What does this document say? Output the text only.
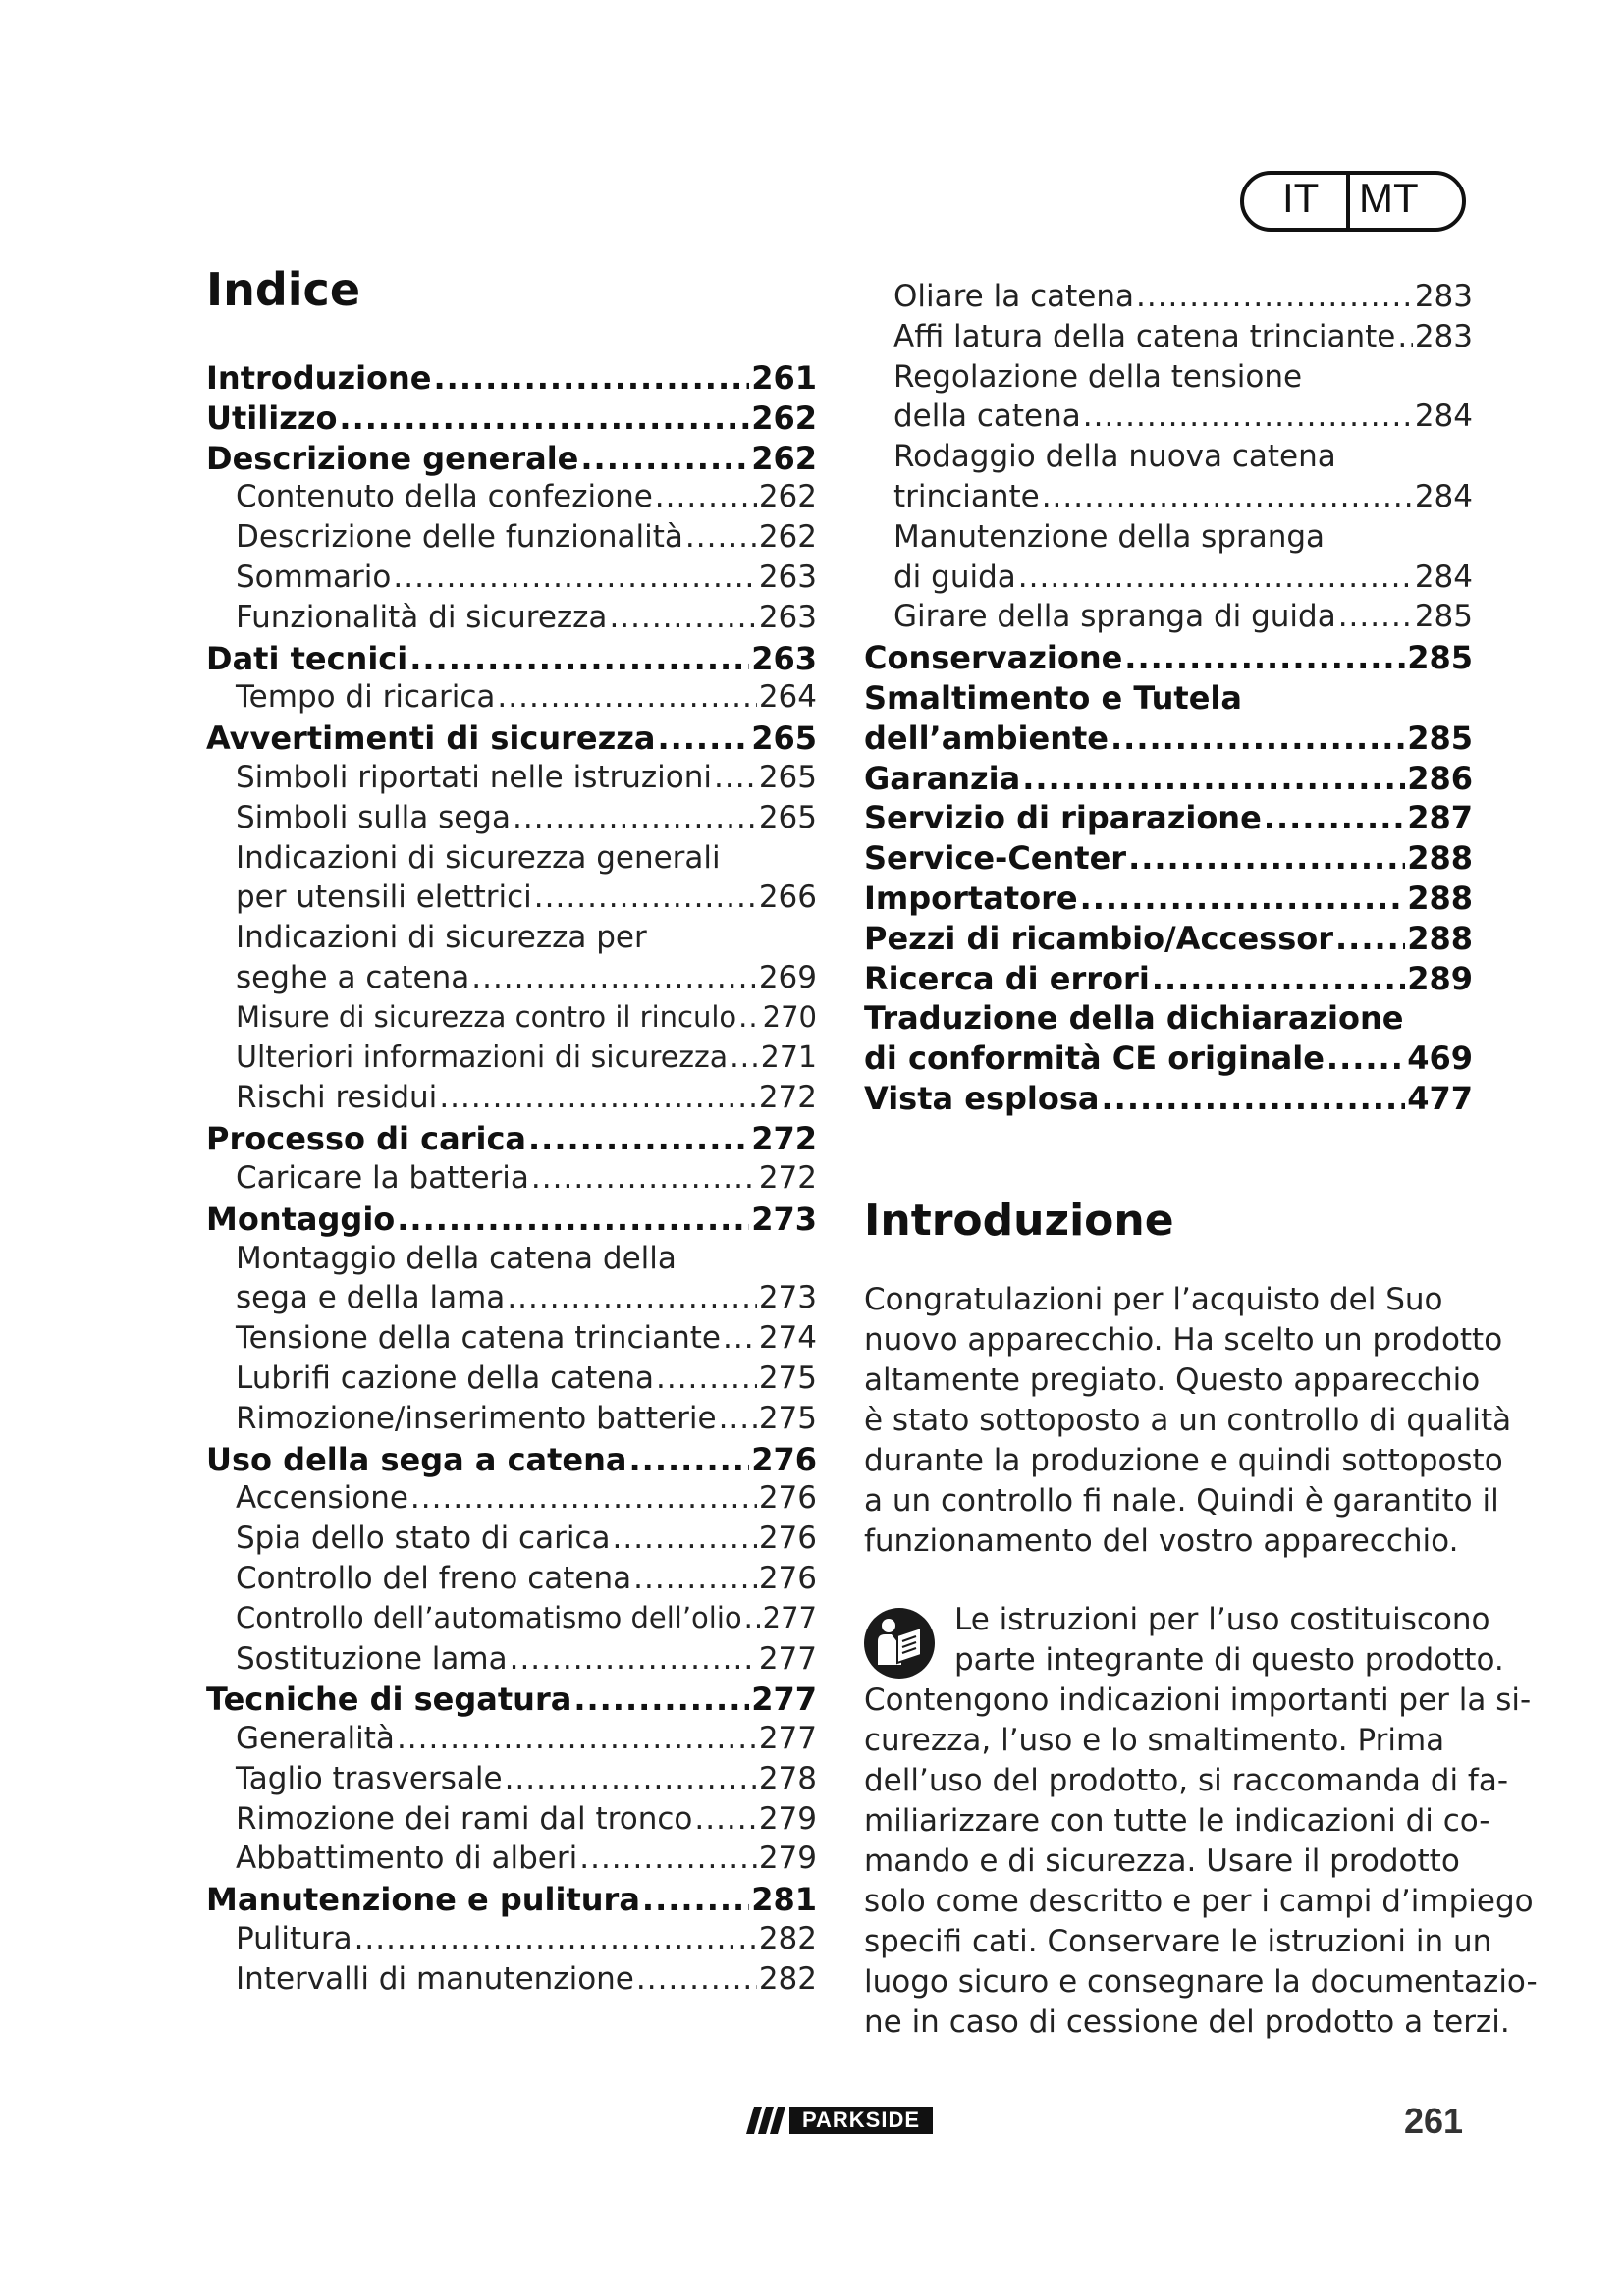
IT MT
Indice
Introduzione .....	261
Utilizzo .....	262
Descrizione generale .....	262
Contenuto della confezione .....	262
Descrizione delle funzionalità ..... 262
Sommario .....	263
Funzionalità di sicurezza .....	263
Dati tecnici .....	263
Tempo di ricarica .....	264
Avvertimenti di sicurezza .....	265
Simboli riportati nelle istruzioni ..... 265
Simboli sulla sega .....	265
Indicazioni di sicurezza generali
per utensili elettrici .....	266
Indicazioni di sicurezza per
seghe a catena .....	269
Misure di sicurezza contro il rinculo ..... 270
Ulteriori informazioni di sicurezza ..... 271
Rischi residui .....	272
Processo di carica .....	272
Caricare la batteria .....	272
Montaggio .....	273
Montaggio della catena della
sega e della lama .....	273
Tensione della catena trinciante ..... 274
Lubrifi cazione della catena .....	275
Rimozione/inserimento batterie ..... 275
Uso della sega a catena .....	276
Accensione .....	276
Spia dello stato di carica .....	276
Controllo del freno catena .....	276
Controllo dell’automatismo dell’olio ..... 277
Sostituzione lama .....	277
Tecniche di segatura .....	277
Generalità .....	277
Taglio trasversale .....	278
Rimozione dei rami dal tronco ..... 279
Abbattimento di alberi .....	279
Manutenzione e pulitura .....	281
Pulitura .....	282
Intervalli di manutenzione .....	282
Oliare la catena .....	283
Affi latura della catena trinciante ..... 283
Regolazione della tensione
della catena .....	284
Rodaggio della nuova catena
trinciante .....	284
Manutenzione della spranga
di guida .....	284
Girare della spranga di guida .....	285
Conservazione .....	285
Smaltimento e Tutela
dell’ambiente .....	285
Garanzia .....	286
Servizio di riparazione .....	287
Service-Center .....	288
Importatore .....	288
Pezzi di ricambio/Accessor ..... 288
Ricerca di errori .....	289
Traduzione della dichiarazione
di conformità CE originale .....	469
Vista esplosa .....	477
Introduzione
Congratulazioni per l’acquisto del Suo
nuovo apparecchio. Ha scelto un prodotto
altamente pregiato. Questo apparecchio
è stato sottoposto a un controllo di qualità
durante la produzione e quindi sottoposto
a un controllo fi nale. Quindi è garantito il
funzionamento del vostro apparecchio.
Le istruzioni per l’uso costituiscono
parte integrante di questo prodotto.
Contengono indicazioni importanti per la si-
curezza, l’uso e lo smaltimento. Prima
dell’uso del prodotto, si raccomanda di fa-
miliarizzare con tutte le indicazioni di co-
mando e di sicurezza. Usare il prodotto
solo come descritto e per i campi d’impiego
specifi cati. Conservare le istruzioni in un
luogo sicuro e consegnare la documentazio-
ne in caso di cessione del prodotto a terzi.
PARKSIDE	261
